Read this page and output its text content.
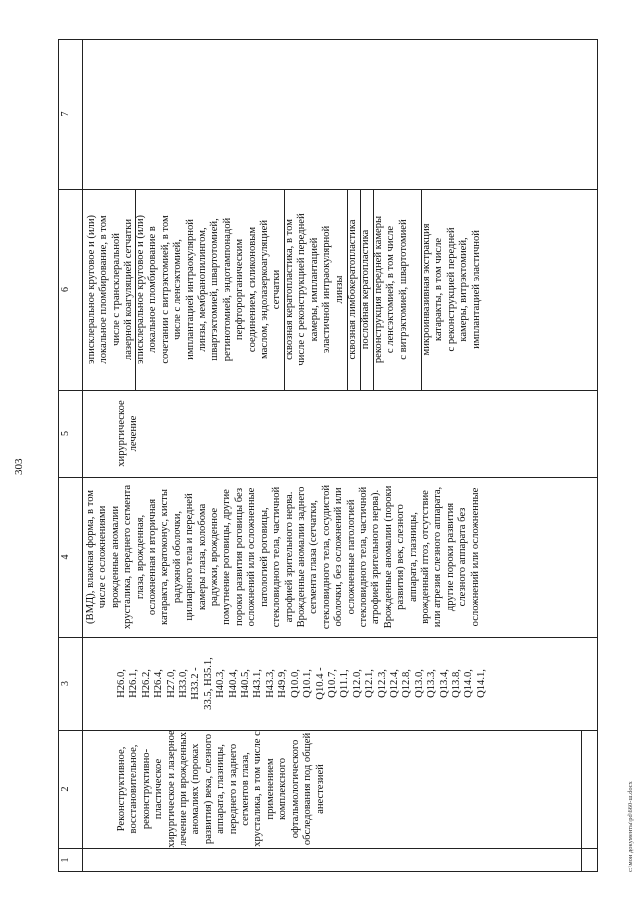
303
1
2
3
4
5
6
7
Реконструктивное, восстановительное, реконструктивно- пластическое хирургическое и лазерное лечение при врожденных аномалиях (пороках развития) века, слезного аппарата, глазницы, переднего и заднего сегментов глаза, хрусталика, в том числе с применением комплексного офтальмологического обследования под общей анестезией
H26.0, H26.1, H26.2, H26.4, H27.0, H33.0, H33.2 - 33.5, H35.1, H40.3, H40.4, H40.5, H43.1, H43.3, H49.9, Q10.0, Q10.1, Q10.4 - Q10.7, Q11.1, Q12.0, Q12.1, Q12.3, Q12.4, Q12.8, Q13.0, Q13.3, Q13.4, Q13.8, Q14.0, Q14.1,
(ВМД), влажная форма, в том числе с осложнениями врожденные аномалии хрусталика, переднего сегмента глаза, врожденная, осложненная и вторичная катаракта, кератоконус, кисты радужной оболочки, цилиарного тела и передней камеры глаза, колобома радужки, врожденное помутнение роговицы, другие пороки развития роговицы без осложнений или осложненные патологией роговицы, стекловидного тела, частичной атрофией зрительного нерва. Врожденные аномалии заднего сегмента глаза (сетчатки, стекловидного тела, сосудистой оболочки, без осложнений или осложненные патологией стекловидного тела, частичной атрофией зрительного нерва). Врожденные аномалии (пороки развития) век, слезного аппарата, глазницы, врожденный птоз, отсутствие или атрезия слезного аппарата, другие пороки развития слезного аппарата без осложнений или осложненные
хирургическое лечение
эписклеральное круговое и (или) локальное пломбирование, в том числе с трансклеральной лазерной коагуляцией сетчатки эписклеральное круговое и (или) локальное пломбирование в сочетании с витрэктомией, в том числе с ленсэктомией, имплантацией интраокулярной линзы, мембранопилингом, швартэктомией, швартотомией, ретинотомией, эндотампонадой перфторорганическим соединением, силиконовым маслом, эндолазеркоагуляцией сетчатки сквозная кератопластика, в том числе с реконструкцией передней камеры, имплантацией эластичной интраокулярной линзы сквозная лимбокератопластика послойная кератопластика реконструкция передней камеры с ленсэктомией, в том числе с витрэктомией, швартотомией микроинвазивная экстракция катаракты, в том числе с реконструкцией передней камеры, витрэктомией, имплантацией эластичной
c:\мои документы\pd\660-ш.docx
